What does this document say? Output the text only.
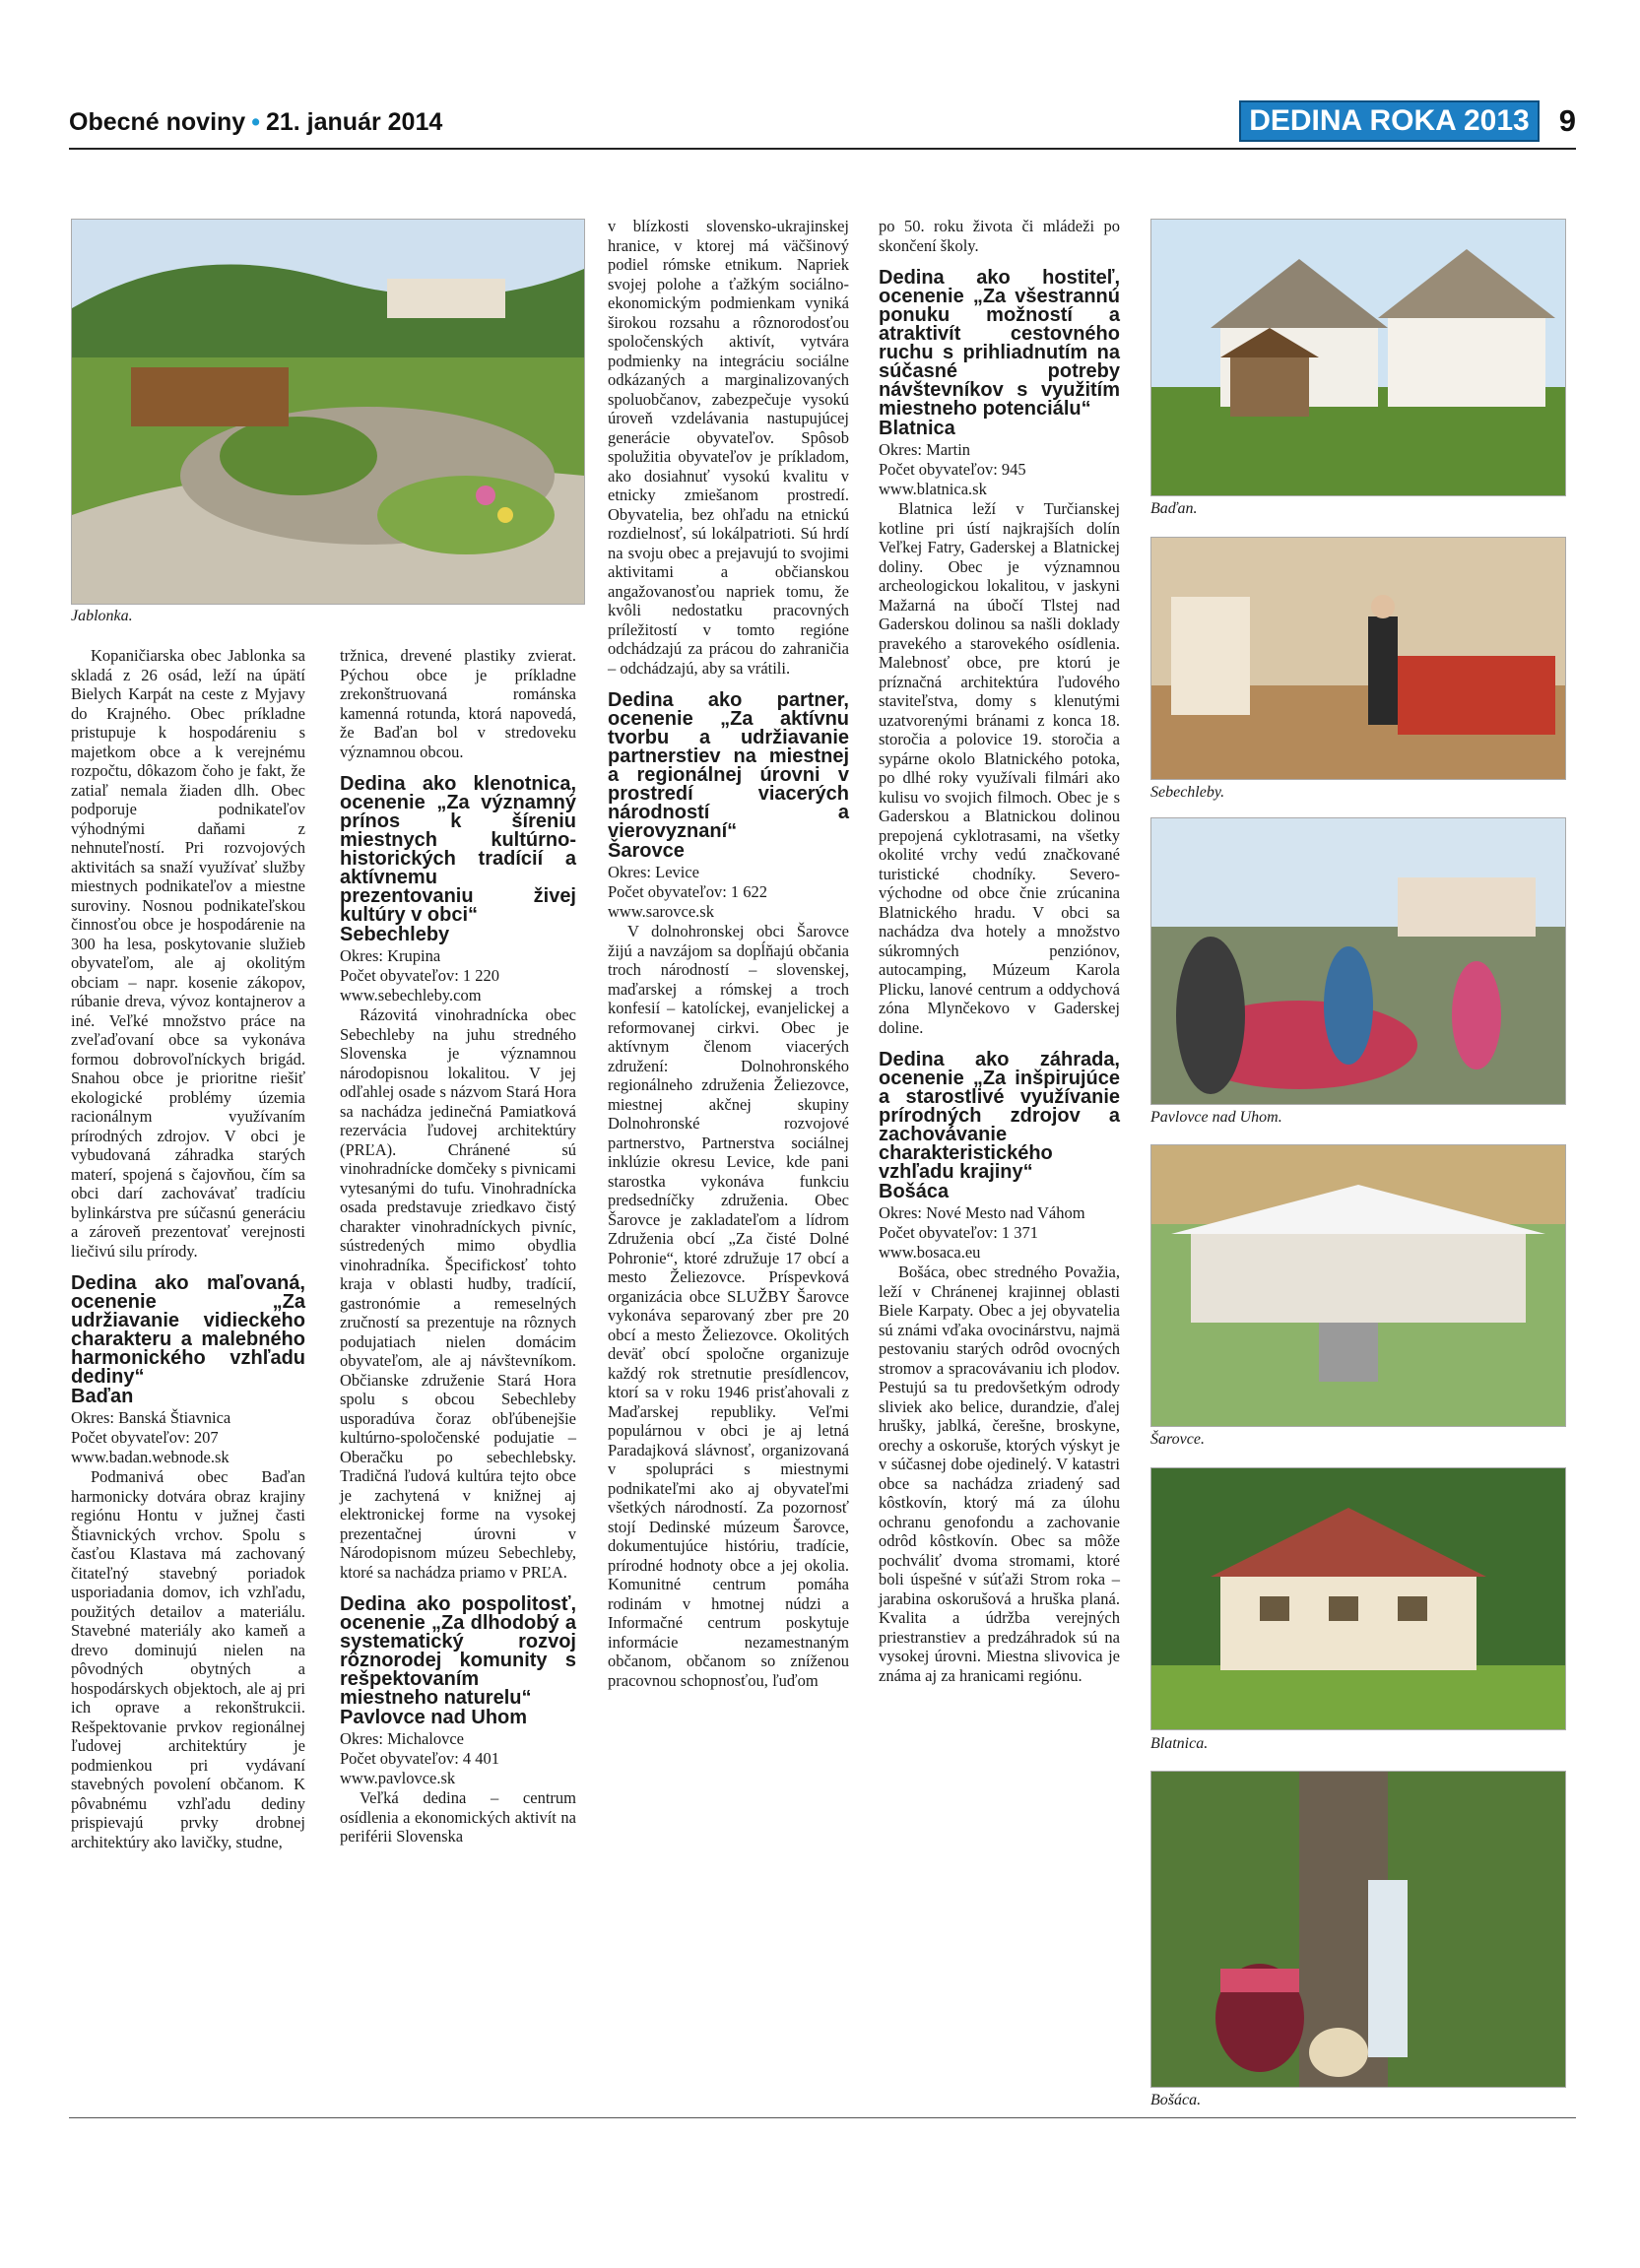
Obecné noviny • 21. január 2014	DEDINA ROKA 2013 9
Jablonka.
Baďan.
Sebechleby.
Pavlovce nad Uhom.
Šarovce.
Blatnica.
Bošáca.

Kopaničiarska obec Jablonka sa skladá z 26 osád, leží na úpätí Bielych Karpát na ceste z Myjavy do Krajného. Obec príkladne pristupuje k hospodáreniu s majetkom obce a k verejnému rozpočtu, dôkazom čoho je fakt, že zatiaľ nemala žiaden dlh. Obec podporuje podnikateľov výhodnými daňami z nehnuteľností. Pri rozvojových aktivitách sa snaží využívať služby miestnych podnikateľov a miestne suroviny. Nosnou podnikateľskou činnosťou obce je hospodárenie na 300 ha lesa, poskytovanie služieb obyvateľom, ale aj okolitým obciam – napr. kosenie zákopov, rúbanie dreva, vývoz kontajnerov a iné. Veľké množstvo práce na zveľaďovaní obce sa vykonáva formou dobrovoľníckych brigád. Snahou obce je prioritne riešiť ekologické problémy územia racionálnym využívaním prírodných zdrojov. V obci je vybudovaná záhradka starých materí, spojená s čajovňou, čím sa obci darí zachovávať tradíciu bylinkárstva pre súčasnú generáciu a zároveň prezentovať verejnosti liečivú silu prírody.

Dedina ako maľovaná, ocenenie „Za udržiavanie vidieckeho charakteru a malebného harmonického vzhľadu dediny“
Baďan
Okres: Banská Štiavnica
Počet obyvateľov: 207
www.badan.webnode.sk

Podmanivá obec Baďan harmonicky dotvára obraz krajiny regiónu Hontu v južnej časti Štiavnických vrchov. Spolu s časťou Klastava má zachovaný čitateľný stavebný poriadok usporiadania domov, ich vzhľadu, použitých detailov a materiálu. Stavebné materiály ako kameň a drevo dominujú nielen na pôvodných obytných a hospodárskych objektoch, ale aj pri ich oprave a rekonštrukcii. Rešpektovanie prvkov regionálnej ľudovej architektúry je podmienkou pri vydávaní stavebných povolení občanom. K pôvabnému vzhľadu dediny prispievajú prvky drobnej architektúry ako lavičky, studne,

tržnica, drevené plastiky zvierat. Pýchou obce je príkladne zrekonštruovaná románska kamenná rotunda, ktorá napovedá, že Baďan bol v stredoveku významnou obcou.

Dedina ako klenotnica, ocenenie „Za významný prínos k šíreniu miestnych kultúrno-historických tradícií a aktívnemu prezentovaniu živej kultúry v obci“
Sebechleby
Okres: Krupina
Počet obyvateľov: 1 220
www.sebechleby.com

Rázovitá vinohradnícka obec Sebechleby na juhu stredného Slovenska je významnou národopisnou lokalitou. V jej odľahlej osade s názvom Stará Hora sa nachádza jedinečná Pamiatková rezervácia ľudovej architektúry (PRĽA). Chránené sú vinohradnícke domčeky s pivnicami vytesanými do tufu. Vinohradnícka osada predstavuje zriedkavo čistý charakter vinohradníckych pivníc, sústredených mimo obydlia vinohradníka. Špecifickosť tohto kraja v oblasti hudby, tradícií, gastronómie a remeselných zručností sa prezentuje na rôznych podujatiach nielen domácim obyvateľom, ale aj návštevníkom. Občianske združenie Stará Hora spolu s obcou Sebechleby usporadúva čoraz obľúbenejšie kultúrno-spoločenské podujatie – Oberačku po sebechlebsky. Tradičná ľudová kultúra tejto obce je zachytená v knižnej aj elektronickej forme na vysokej prezentačnej úrovni v Národopisnom múzeu Sebechleby, ktoré sa nachádza priamo v PRĽA.

Dedina ako pospolitosť, ocenenie „Za dlhodobý a systematický rozvoj rôznorodej komunity s rešpektovaním miestneho naturelu“
Pavlovce nad Uhom
Okres: Michalovce
Počet obyvateľov: 4 401
www.pavlovce.sk

Veľká dedina – centrum osídlenia a ekonomických aktivít na periférii Slovenska

v blízkosti slovensko-ukrajinskej hranice, v ktorej má väčšinový podiel rómske etnikum. Napriek svojej polohe a ťažkým sociálno-ekonomickým podmienkam vyniká širokou rozsahu a rôznorodosťou spoločenských aktivít, vytvára podmienky na integráciu sociálne odkázaných a marginalizovaných spoluobčanov, zabezpečuje vysokú úroveň vzdelávania nastupujúcej generácie obyvateľov. Spôsob spolužitia obyvateľov je príkladom, ako dosiahnuť vysokú kvalitu v etnicky zmiešanom prostredí. Obyvatelia, bez ohľadu na etnickú rozdielnosť, sú lokálpatrioti. Sú hrdí na svoju obec a prejavujú to svojimi aktivitami a občianskou angažovanosťou napriek tomu, že kvôli nedostatku pracovných príležitostí v tomto regióne odchádzajú za prácou do zahraničia – odchádzajú, aby sa vrátili.

Dedina ako partner, ocenenie „Za aktívnu tvorbu a udržiavanie partnerstiev na miestnej a regionálnej úrovni v prostredí viacerých národností a vierovyznaní“
Šarovce
Okres: Levice
Počet obyvateľov: 1 622
www.sarovce.sk

V dolnohronskej obci Šarovce žijú a navzájom sa dopĺňajú občania troch národností – slovenskej, maďarskej a rómskej a troch konfesií – katolíckej, evanjelickej a reformovanej cirkvi. Obec je aktívnym členom viacerých združení: Dolnohronského regionálneho združenia Želiezovce, miestnej akčnej skupiny Dolnohronské rozvojové partnerstvo, Partnerstva sociálnej inklúzie okresu Levice, kde pani starostka vykonáva funkciu predsedníčky združenia. Obec Šarovce je zakladateľom a lídrom Združenia obcí „Za čisté Dolné Pohronie“, ktoré združuje 17 obcí a mesto Želiezovce. Príspevková organizácia obce SLUŽBY Šarovce vykonáva separovaný zber pre 20 obcí a mesto Želiezovce. Okolitých deväť obcí spoločne organizuje každý rok stretnutie presídlencov, ktorí sa v roku 1946 prisťahovali z Maďarskej republiky. Veľmi populárnou v obci je aj letná Paradajková slávnosť, organizovaná v spolupráci s miestnymi podnikateľmi ako aj obyvateľmi všetkých národností. Za pozornosť stojí Dedinské múzeum Šarovce, dokumentujúce históriu, tradície, prírodné hodnoty obce a jej okolia. Komunitné centrum pomáha rodinám v hmotnej núdzi a Informačné centrum poskytuje informácie nezamestnaným občanom, občanom so zníženou pracovnou schopnosťou, ľuďom

po 50. roku života či mládeži po skončení školy.

Dedina ako hostiteľ, ocenenie „Za všestrannú ponuku možností a atraktivít cestovného ruchu s prihliadnutím na súčasné potreby návštevníkov s využitím miestneho potenciálu“
Blatnica
Okres: Martin
Počet obyvateľov: 945
www.blatnica.sk

Blatnica leží v Turčianskej kotline pri ústí najkrajších dolín Veľkej Fatry, Gaderskej a Blatnickej doliny. Obec je významnou archeologickou lokalitou, v jaskyni Mažarná na úbočí Tlstej nad Gaderskou dolinou sa našli doklady pravekého a starovekého osídlenia. Malebnosť obce, pre ktorú je príznačná architektúra ľudového staviteľstva, domy s klenutými uzatvorenými bránami z konca 18. storočia a polovice 19. storočia a sypárne okolo Blatnického potoka, po dlhé roky využívali filmári ako kulisu vo svojich filmoch. Obec je s Gaderskou a Blatnickou dolinou prepojená cyklotrasami, na všetky okolité vrchy vedú značkované turistické chodníky. Severo-východne od obce čnie zrúcanina Blatnického hradu. V obci sa nachádza dva hotely a množstvo súkromných penziónov, autocamping, Múzeum Karola Plicku, lanové centrum a oddychová zóna Mlynčekovo v Gaderskej doline.

Dedina ako záhrada, ocenenie „Za inšpirujúce a starostlivé využívanie prírodných zdrojov a zachovávanie charakteristického vzhľadu krajiny“
Bošáca
Okres: Nové Mesto nad Váhom
Počet obyvateľov: 1 371
www.bosaca.eu

Bošáca, obec stredného Považia, leží v Chránenej krajinnej oblasti Biele Karpaty. Obec a jej obyvatelia sú známi vďaka ovocinárstvu, najmä pestovaniu starých odrôd ovocných stromov a spracovávaniu ich plodov. Pestujú sa tu predovšetkým odrody sliviek ako belice, durandzie, ďalej hrušky, jablká, čerešne, broskyne, orechy a oskoruše, ktorých výskyt je v súčasnej dobe ojedinelý. V katastri obce sa nachádza zriadený sad kôstkovín, ktorý má za úlohu ochranu genofondu a zachovanie odrôd kôstkovín. Obec sa môže pochváliť dvoma stromami, ktoré boli úspešné v súťaži Strom roka – jarabina oskorušová a hruška planá. Kvalita a údržba verejných priestranstiev a predzáhradok sú na vysokej úrovni. Miestna slivovica je známa aj za hranicami regiónu.
